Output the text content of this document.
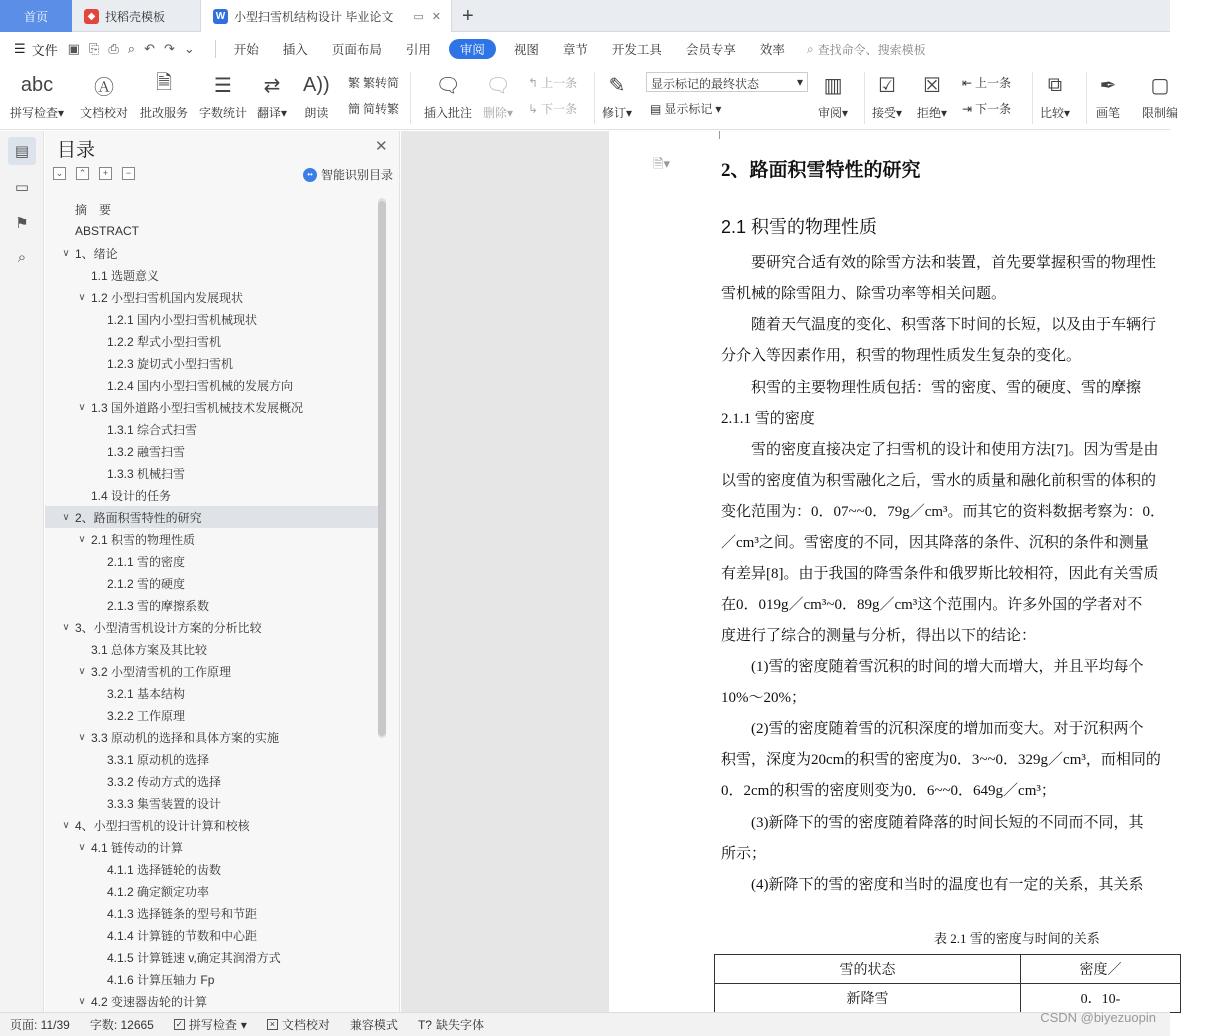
首页	◆ 找稻壳模板	W 小型扫雪机结构设计 毕业论文 ▭ ✕ +
☰ 文件 ▣ ⎘ ⎙ ⌕ ↶ ↷ ⌄	开始	插入	页面布局	引用	审阅	视图	章节	开发工具	会员专享	效率	⌕ 查找命令、搜索模板
abc
拼写检查▾
Ⓐ
文档校对
🗎
批改服务
☰
字数统计
⇄
翻译▾
A))
朗读
繁 繁转简
簡 简转繁
🗨
插入批注
🗨
删除▾
↰ 上一条
↳ 下一条
✎
修订▾
显示标记的最终状态	▾
▤ 显示标记 ▾
▥
审阅▾
☑
接受▾
☒
拒绝▾
⇤ 上一条
⇥ 下一条
⧉
比较▾
✒
画笔
▢
限制编
▤
▭
⚑
⌕
目录	✕
⌄	⌃	+	−	•• 智能识别目录
摘　要
ABSTRACT
∨ 1、绪论
1.1 选题意义
∨ 1.2 小型扫雪机国内发展现状
1.2.1 国内小型扫雪机械现状
1.2.2 犁式小型扫雪机
1.2.3 旋切式小型扫雪机
1.2.4 国内小型扫雪机械的发展方向
∨ 1.3 国外道路小型扫雪机械技术发展概况
1.3.1 综合式扫雪
1.3.2 融雪扫雪
1.3.3 机械扫雪
1.4 设计的任务
∨ 2、路面积雪特性的研究
∨ 2.1 积雪的物理性质
2.1.1 雪的密度
2.1.2 雪的硬度
2.1.3 雪的摩擦系数
∨ 3、小型清雪机设计方案的分析比较
3.1 总体方案及其比较
∨ 3.2 小型清雪机的工作原理
3.2.1 基本结构
3.2.2 工作原理
∨ 3.3 原动机的选择和具体方案的实施
3.3.1 原动机的选择
3.3.2 传动方式的选择
3.3.3 集雪装置的设计
∨ 4、小型扫雪机的设计计算和校核
∨ 4.1 链传动的计算
4.1.1 选择链轮的齿数
4.1.2 确定额定功率
4.1.3 选择链条的型号和节距
4.1.4 计算链的节数和中心距
4.1.5 计算链速 v,确定其润滑方式
4.1.6 计算压轴力 Fp
∨ 4.2 变速器齿轮的计算
🗎▾	2、路面积雪特性的研究
2.1 积雪的物理性质
表 2.1 雪的密度与时间的关系
雪的状态	密度／
新降雪	0．10-
要研究合适有效的除雪方法和装置，首先要掌握积雪的物理性
雪机械的除雪阻力、除雪功率等相关问题。
随着天气温度的变化、积雪落下时间的长短，以及由于车辆行
分介入等因素作用，积雪的物理性质发生复杂的变化。
积雪的主要物理性质包括：雪的密度、雪的硬度、雪的摩擦
2.1.1 雪的密度
雪的密度直接决定了扫雪机的设计和使用方法[7]。因为雪是由
以雪的密度值为积雪融化之后，雪水的质量和融化前积雪的体积的
变化范围为：0．07~~0．79g／cm³。而其它的资料数据考察为：0．
／cm³之间。雪密度的不同，因其降落的条件、沉积的条件和测量
有差异[8]。由于我国的降雪条件和俄罗斯比较相符，因此有关雪质
在0．019g／cm³~0．89g／cm³这个范围内。许多外国的学者对不
度进行了综合的测量与分析，得出以下的结论：
(1)雪的密度随着雪沉积的时间的增大而增大，并且平均每个
10%～20%；
(2)雪的密度随着雪的沉积深度的增加而变大。对于沉积两个
积雪，深度为20cm的积雪的密度为0．3~~0．329g／cm³，而相同的
0．2cm的积雪的密度则变为0．6~~0．649g／cm³；
(3)新降下的雪的密度随着降落的时间长短的不同而不同，其
所示；
(4)新降下的雪的密度和当时的温度也有一定的关系，其关系
页面: 11/39	字数: 12665	✓ 拼写检查 ▾	× 文档校对	兼容模式	T? 缺失字体	CSDN @biyezuopin
